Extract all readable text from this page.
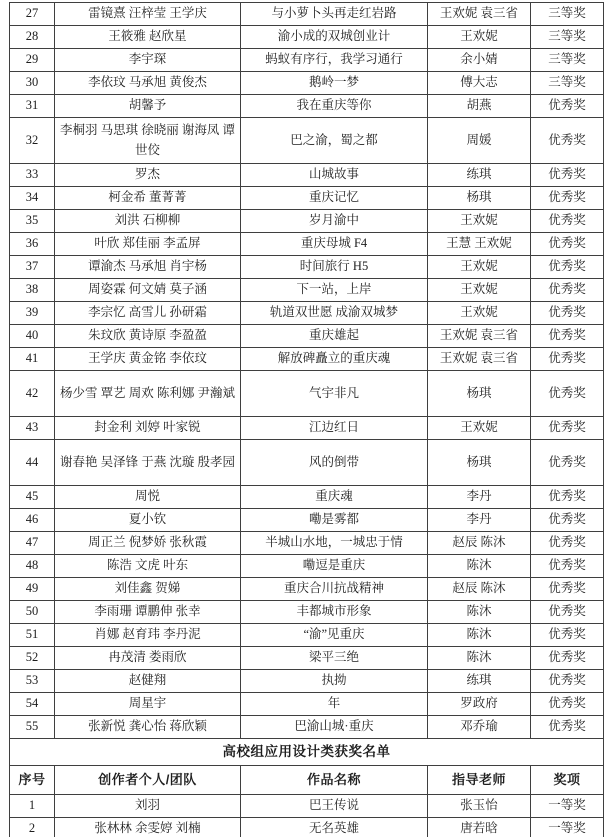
27	雷镜熹 汪梓莹 王学庆	与小萝卜头再走红岩路	王欢妮 袁三省	三等奖
28	王筱雅 赵欣星	渝小成的双城创业计	王欢妮	三等奖
29	李宇琛	蚂蚁有序行，我学习通行	余小婧	三等奖
30	李依玟 马承旭 黄俊杰	鹅岭一梦	傅大志	三等奖
31	胡馨予	我在重庆等你	胡燕	优秀奖
32	李桐羽 马思琪 徐晓丽 谢海凤 谭世佼	巴之渝，蜀之都	周媛	优秀奖
33	罗杰	山城故事	练琪	优秀奖
34	柯金希 董菁菁	重庆记忆	杨琪	优秀奖
35	刘洪 石柳柳	岁月渝中	王欢妮	优秀奖
36	叶欣 郑佳丽 李孟屏	重庆母城 F4	王慧 王欢妮	优秀奖
37	谭渝杰 马承旭 肖宇杨	时间旅行 H5	王欢妮	优秀奖
38	周姿霖 何文婧 莫子涵	下一站，上岸	王欢妮	优秀奖
39	李宗忆 高雪儿 孙研霜	轨道双世愿 成渝双城梦	王欢妮	优秀奖
40	朱玟欣 黄诗原 李盈盈	重庆雄起	王欢妮 袁三省	优秀奖
41	王学庆 黄金铭 李依玟	解放碑矗立的重庆魂	王欢妮 袁三省	优秀奖
42	杨少雪 覃艺 周欢 陈利娜 尹瀚斌	气宇非凡	杨琪	优秀奖
43	封金利 刘婷 叶家锐	江边红日	王欢妮	优秀奖
44	谢春艳 吴泽锋 于燕 沈璇 殷孝园	风的倒带	杨琪	优秀奖
45	周悦	重庆魂	李丹	优秀奖
46	夏小钦	嘞是雾都	李丹	优秀奖
47	周正兰 倪梦娇 张秋霞	半城山水地，一城忠于情	赵辰 陈沐	优秀奖
48	陈浩 文虎 叶东	嘞逗是重庆	陈沐	优秀奖
49	刘佳鑫 贺娣	重庆合川抗战精神	赵辰 陈沐	优秀奖
50	李雨珊 谭鹏伸 张幸	丰都城市形象	陈沐	优秀奖
51	肖娜 赵育玮 李丹泥	“渝”见重庆	陈沐	优秀奖
52	冉茂清 娄雨欣	梁平三绝	陈沐	优秀奖
53	赵健翔	执拗	练琪	优秀奖
54	周星宇	年	罗政府	优秀奖
55	张新悦 龚心怡 蒋欣颖	巴渝山城·重庆	邓乔瑜	优秀奖
高校组应用设计类获奖名单				
序号	创作者个人/团队	作品名称	指导老师	奖项
1	刘羽	巴王传说	张玉怡	一等奖
2	张林林 余雯婷 刘楠	无名英雄	唐若晗	一等奖
